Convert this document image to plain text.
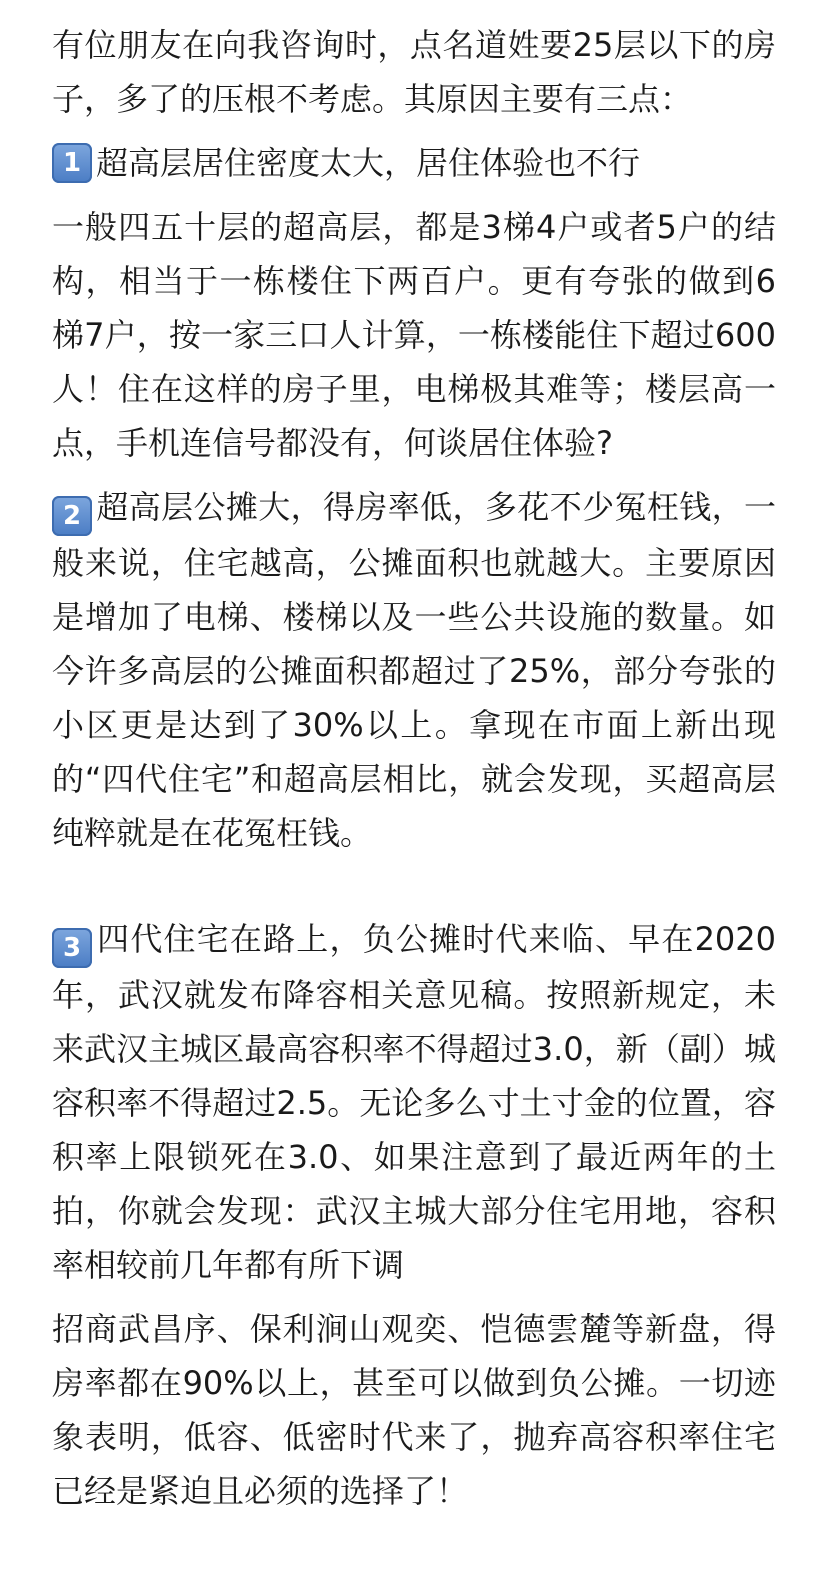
有位朋友在向我咨询时，点名道姓要25层以下的房子，多了的压根不考虑。其原因主要有三点：

1 超高层居住密度太大，居住体验也不行

一般四五十层的超高层，都是3梯4户或者5户的结构，相当于一栋楼住下两百户。更有夸张的做到6梯7户，按一家三口人计算，一栋楼能住下超过600人！住在这样的房子里，电梯极其难等；楼层高一点，手机连信号都没有，何谈居住体验?

2 超高层公摊大，得房率低，多花不少冤枉钱，一般来说，住宅越高，公摊面积也就越大。主要原因是增加了电梯、楼梯以及一些公共设施的数量。如今许多高层的公摊面积都超过了25%，部分夸张的小区更是达到了30%以上。拿现在市面上新出现的“四代住宅”和超高层相比，就会发现，买超高层纯粹就是在花冤枉钱。

3 四代住宅在路上，负公摊时代来临、早在2020年，武汉就发布降容相关意见稿。按照新规定，未来武汉主城区最高容积率不得超过3.0，新（副）城容积率不得超过2.5。无论多么寸土寸金的位置，容积率上限锁死在3.0、如果注意到了最近两年的土拍，你就会发现：武汉主城大部分住宅用地，容积率相较前几年都有所下调

招商武昌序、保利涧山观奕、恺德雲麓等新盘，得房率都在90%以上，甚至可以做到负公摊。一切迹象表明，低容、低密时代来了，抛弃高容积率住宅已经是紧迫且必须的选择了！
